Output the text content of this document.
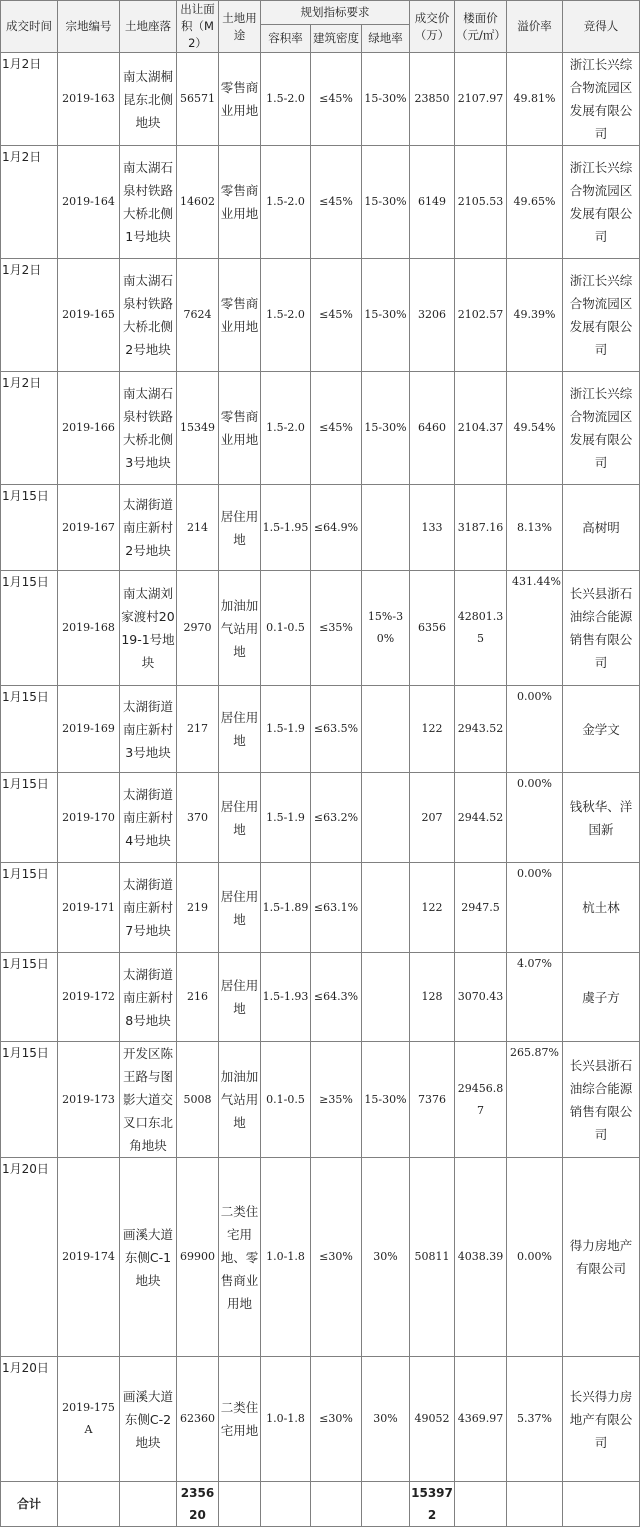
成交时间	宗地编号	土地座落	出让面积（M2）	土地用途	规划指标要求			成交价（万）	楼面价（元/㎡）	溢价率	竞得人
					容积率	建筑密度	绿地率				
1月2日	2019-163	南太湖桐昆东北侧地块	56571	零售商业用地	1.5-2.0	≤45%	15-30%	23850	2107.97	49.81%	浙江长兴综合物流园区发展有限公司
1月2日	2019-164	南太湖石泉村铁路大桥北侧1号地块	14602	零售商业用地	1.5-2.0	≤45%	15-30%	6149	2105.53	49.65%	浙江长兴综合物流园区发展有限公司
1月2日	2019-165	南太湖石泉村铁路大桥北侧2号地块	7624	零售商业用地	1.5-2.0	≤45%	15-30%	3206	2102.57	49.39%	浙江长兴综合物流园区发展有限公司
1月2日	2019-166	南太湖石泉村铁路大桥北侧3号地块	15349	零售商业用地	1.5-2.0	≤45%	15-30%	6460	2104.37	49.54%	浙江长兴综合物流园区发展有限公司
1月15日	2019-167	太湖街道南庄新村2号地块	214	居住用地	1.5-1.95	≤64.9%		133	3187.16	8.13%	高树明
1月15日	2019-168	南太湖刘家渡村2019-1号地块	2970	加油加气站用地	0.1-0.5	≤35%	15%-30%	6356	42801.35	431.44%	长兴县浙石油综合能源销售有限公司
1月15日	2019-169	太湖街道南庄新村3号地块	217	居住用地	1.5-1.9	≤63.5%		122	2943.52	0.00%	金学文
1月15日	2019-170	太湖街道南庄新村4号地块	370	居住用地	1.5-1.9	≤63.2%		207	2944.52	0.00%	钱秋华、洋国新
1月15日	2019-171	太湖街道南庄新村7号地块	219	居住用地	1.5-1.89	≤63.1%		122	2947.5	0.00%	杭土林
1月15日	2019-172	太湖街道南庄新村8号地块	216	居住用地	1.5-1.93	≤64.3%		128	3070.43	4.07%	虞子方
1月15日	2019-173	开发区陈王路与图影大道交叉口东北角地块	5008	加油加气站用地	0.1-0.5	≥35%	15-30%	7376	29456.87	265.87%	长兴县浙石油综合能源销售有限公司
1月20日	2019-174	画溪大道东侧C-1地块	69900	二类住宅用地、零售商业用地	1.0-1.8	≤30%	30%	50811	4038.39	0.00%	得力房地产有限公司
1月20日	2019-175 A	画溪大道东侧C-2地块	62360	二类住宅用地	1.0-1.8	≤30%	30%	49052	4369.97	5.37%	长兴得力房地产有限公司
合计			235620					153972			
